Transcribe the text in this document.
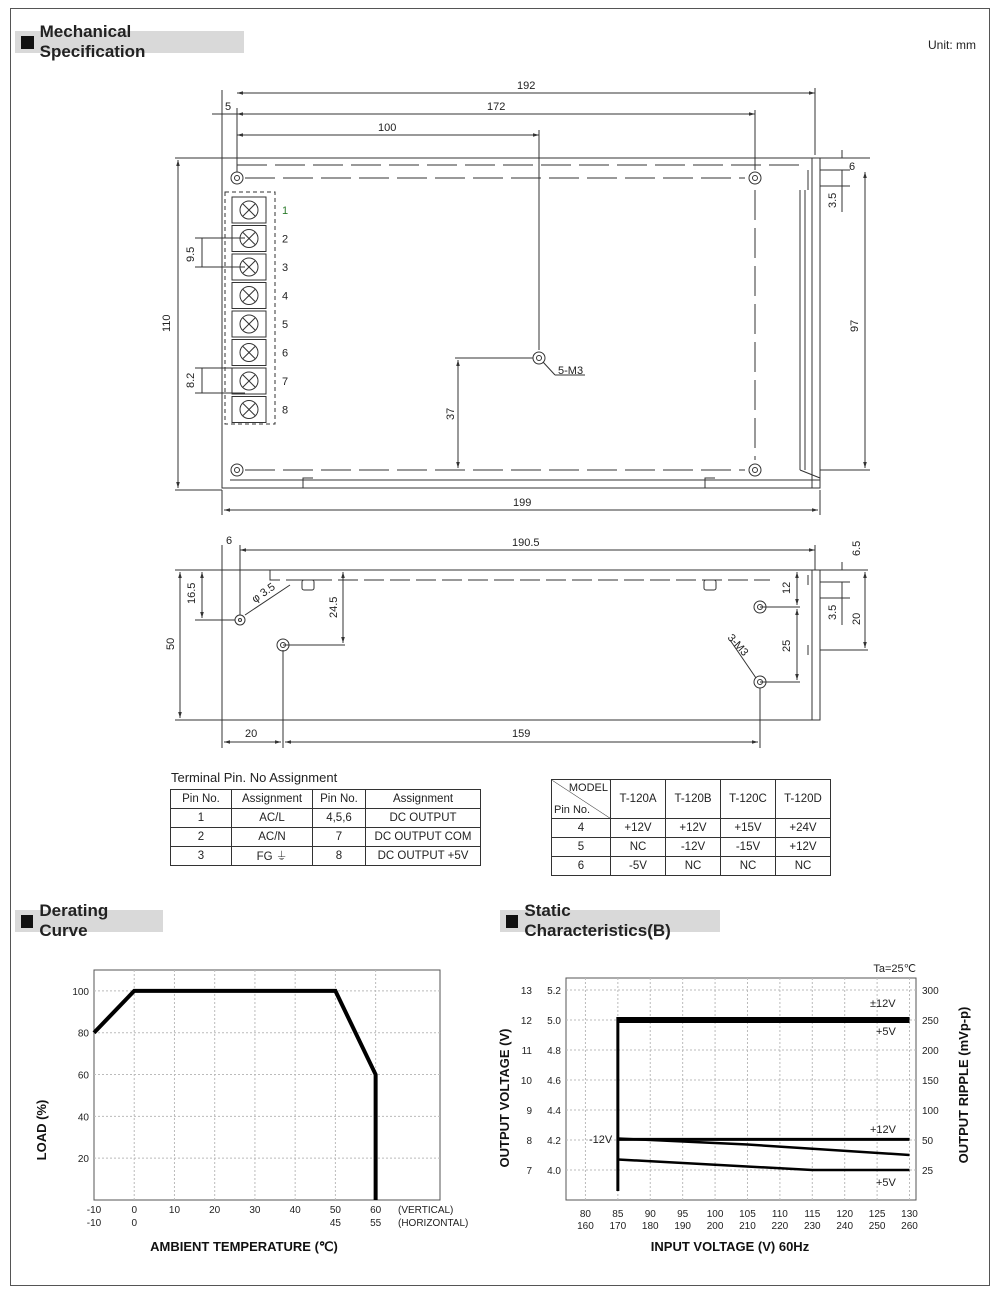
Mechanical Specification	Unit: mm
192
172
100
5
110
9.5
8.2
37
199
6
3.5
97
5-M3
6	190.5	6.5
16.5
24.5
50
12
25
3.5 20
20	159
φ 3.5
3-M3
1
2
3
4
5
6
7
8
Terminal Pin. No Assignment
Pin No.	Assignment	Pin No.	Assignment
1	AC/L	4,5,6	DC OUTPUT
2	AC/N	7	DC OUTPUT COM
3	FG ⏚	8	DC OUTPUT +5V
MODEL
Pin No.	T-120A	T-120B	T-120C	T-120D
4	+12V	+12V	+15V	+24V
5	NC	-12V	-15V	+12V
6	-5V	NC	NC	NC
Derating Curve
Static Characteristics(B)
20
40
60
80
100
-10
-10
0
0
10	20	30	40	50
45
60
55
(VERTICAL)
(HORIZONTAL)
AMBIENT TEMPERATURE (℃)
LOAD (%)
Ta=25℃
7 4.0
8 4.2
9 4.4
10 4.6
11 4.8
12 5.0
13 5.2
25
50
100
150
200
250
300
80
160
85
170
90
180
95
190
100
200
105
210
110
220
115
230
120
240
125
250
130
260
INPUT VOLTAGE (V) 60Hz
OUTPUT VOLTAGE (V)	OUTPUT RIPPLE (mVp-p)
±12V
+5V
+12V
+5V
-12V
